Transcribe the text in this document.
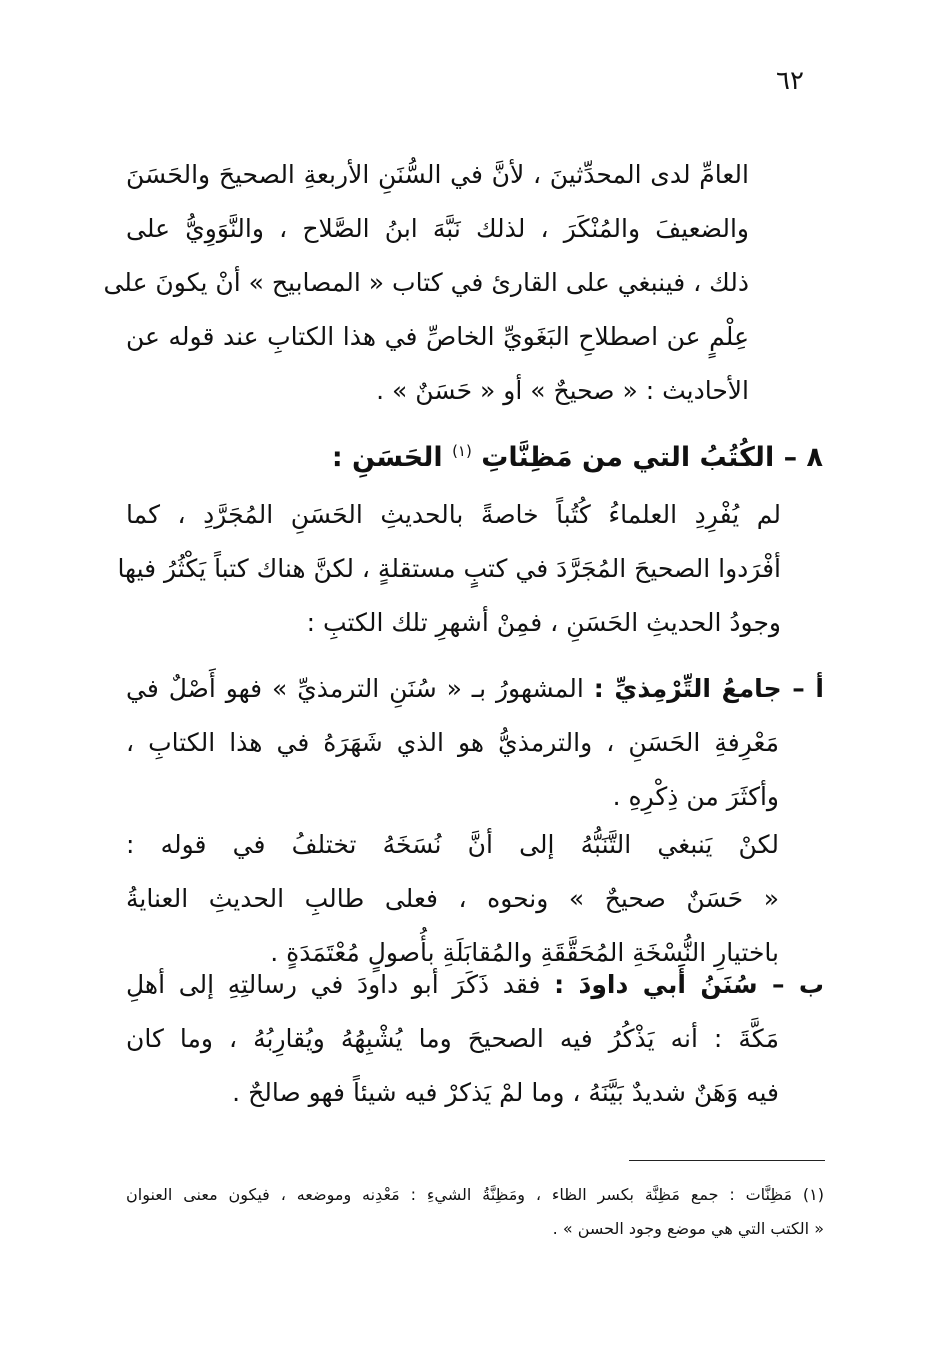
٦٢
العامِّ لدى المحدِّثينَ ، لأنَّ في السُّنَنِ الأربعةِ الصحيحَ والحَسَنَ
والضعيفَ والمُنْكَرَ ، لذلك نَبَّهَ ابنُ الصَّلاح ، والنَّوَوِيُّ على
ذلك ، فينبغي على القارئ في كتاب « المصابيح » أنْ يكونَ على
عِلْمٍ عن اصطلاحِ البَغَويِّ الخاصِّ في هذا الكتابِ عند قوله عن
الأحاديث : « صحيحٌ » أو « حَسَنٌ » .
٨ – الكُتُبُ التي من مَظِنَّاتِ $^{(١)}$ الحَسَنِ :
لم يُفْرِدِ العلماءُ كُتُباً خاصةً بالحديثِ الحَسَنِ المُجَرَّدِ ، كما
أفْرَدوا الصحيحَ المُجَرَّدَ في كتبٍ مستقلةٍ ، لكنَّ هناك كتباً يَكْثُرُ فيها
وجودُ الحديثِ الحَسَنِ ، فمِنْ أشهرِ تلك الكتبِ :
أ – جامعُ التِّرْمِذيِّ : المشهورُ بـ « سُنَنِ الترمذيِّ » فهو أَصْلٌ في
مَعْرِفةِ الحَسَنِ ، والترمذيُّ هو الذي شَهَرَهُ في هذا الكتابِ ،
وأكثَرَ من ذِكْرِهِ .
لكنْ يَنبغي التَّنَبُّهُ إلى أنَّ نُسَخَهُ تختلفُ في قوله :
« حَسَنٌ صحيحٌ » ونحوه ، فعلى طالبِ الحديثِ العنايةُ
باختيارِ النُّسْخَةِ المُحَقَّقَةِ والمُقابَلَةِ بأُصولٍ مُعْتَمَدَةٍ .
ب – سُنَنُ أَبي داودَ : فقد ذَكَرَ أبو داودَ في رسالتِهِ إلى أهلِ
مَكَّةَ : أنه يَذْكُرُ فيه الصحيحَ وما يُشْبِهُهُ ويُقارِبُهُ ، وما كان
فيه وَهَنٌ شديدٌ بَيَّنَهُ ، وما لمْ يَذكرْ فيه شيئاً فهو صالحٌ .
(١) مَظِنَّات : جمع مَظِنَّة بكسر الظاء ، ومَظِنَّةُ الشيءِ : مَعْدِنه وموضعه ، فيكون معنى العنوان
« الكتب التي هي موضع وجود الحسن » .
